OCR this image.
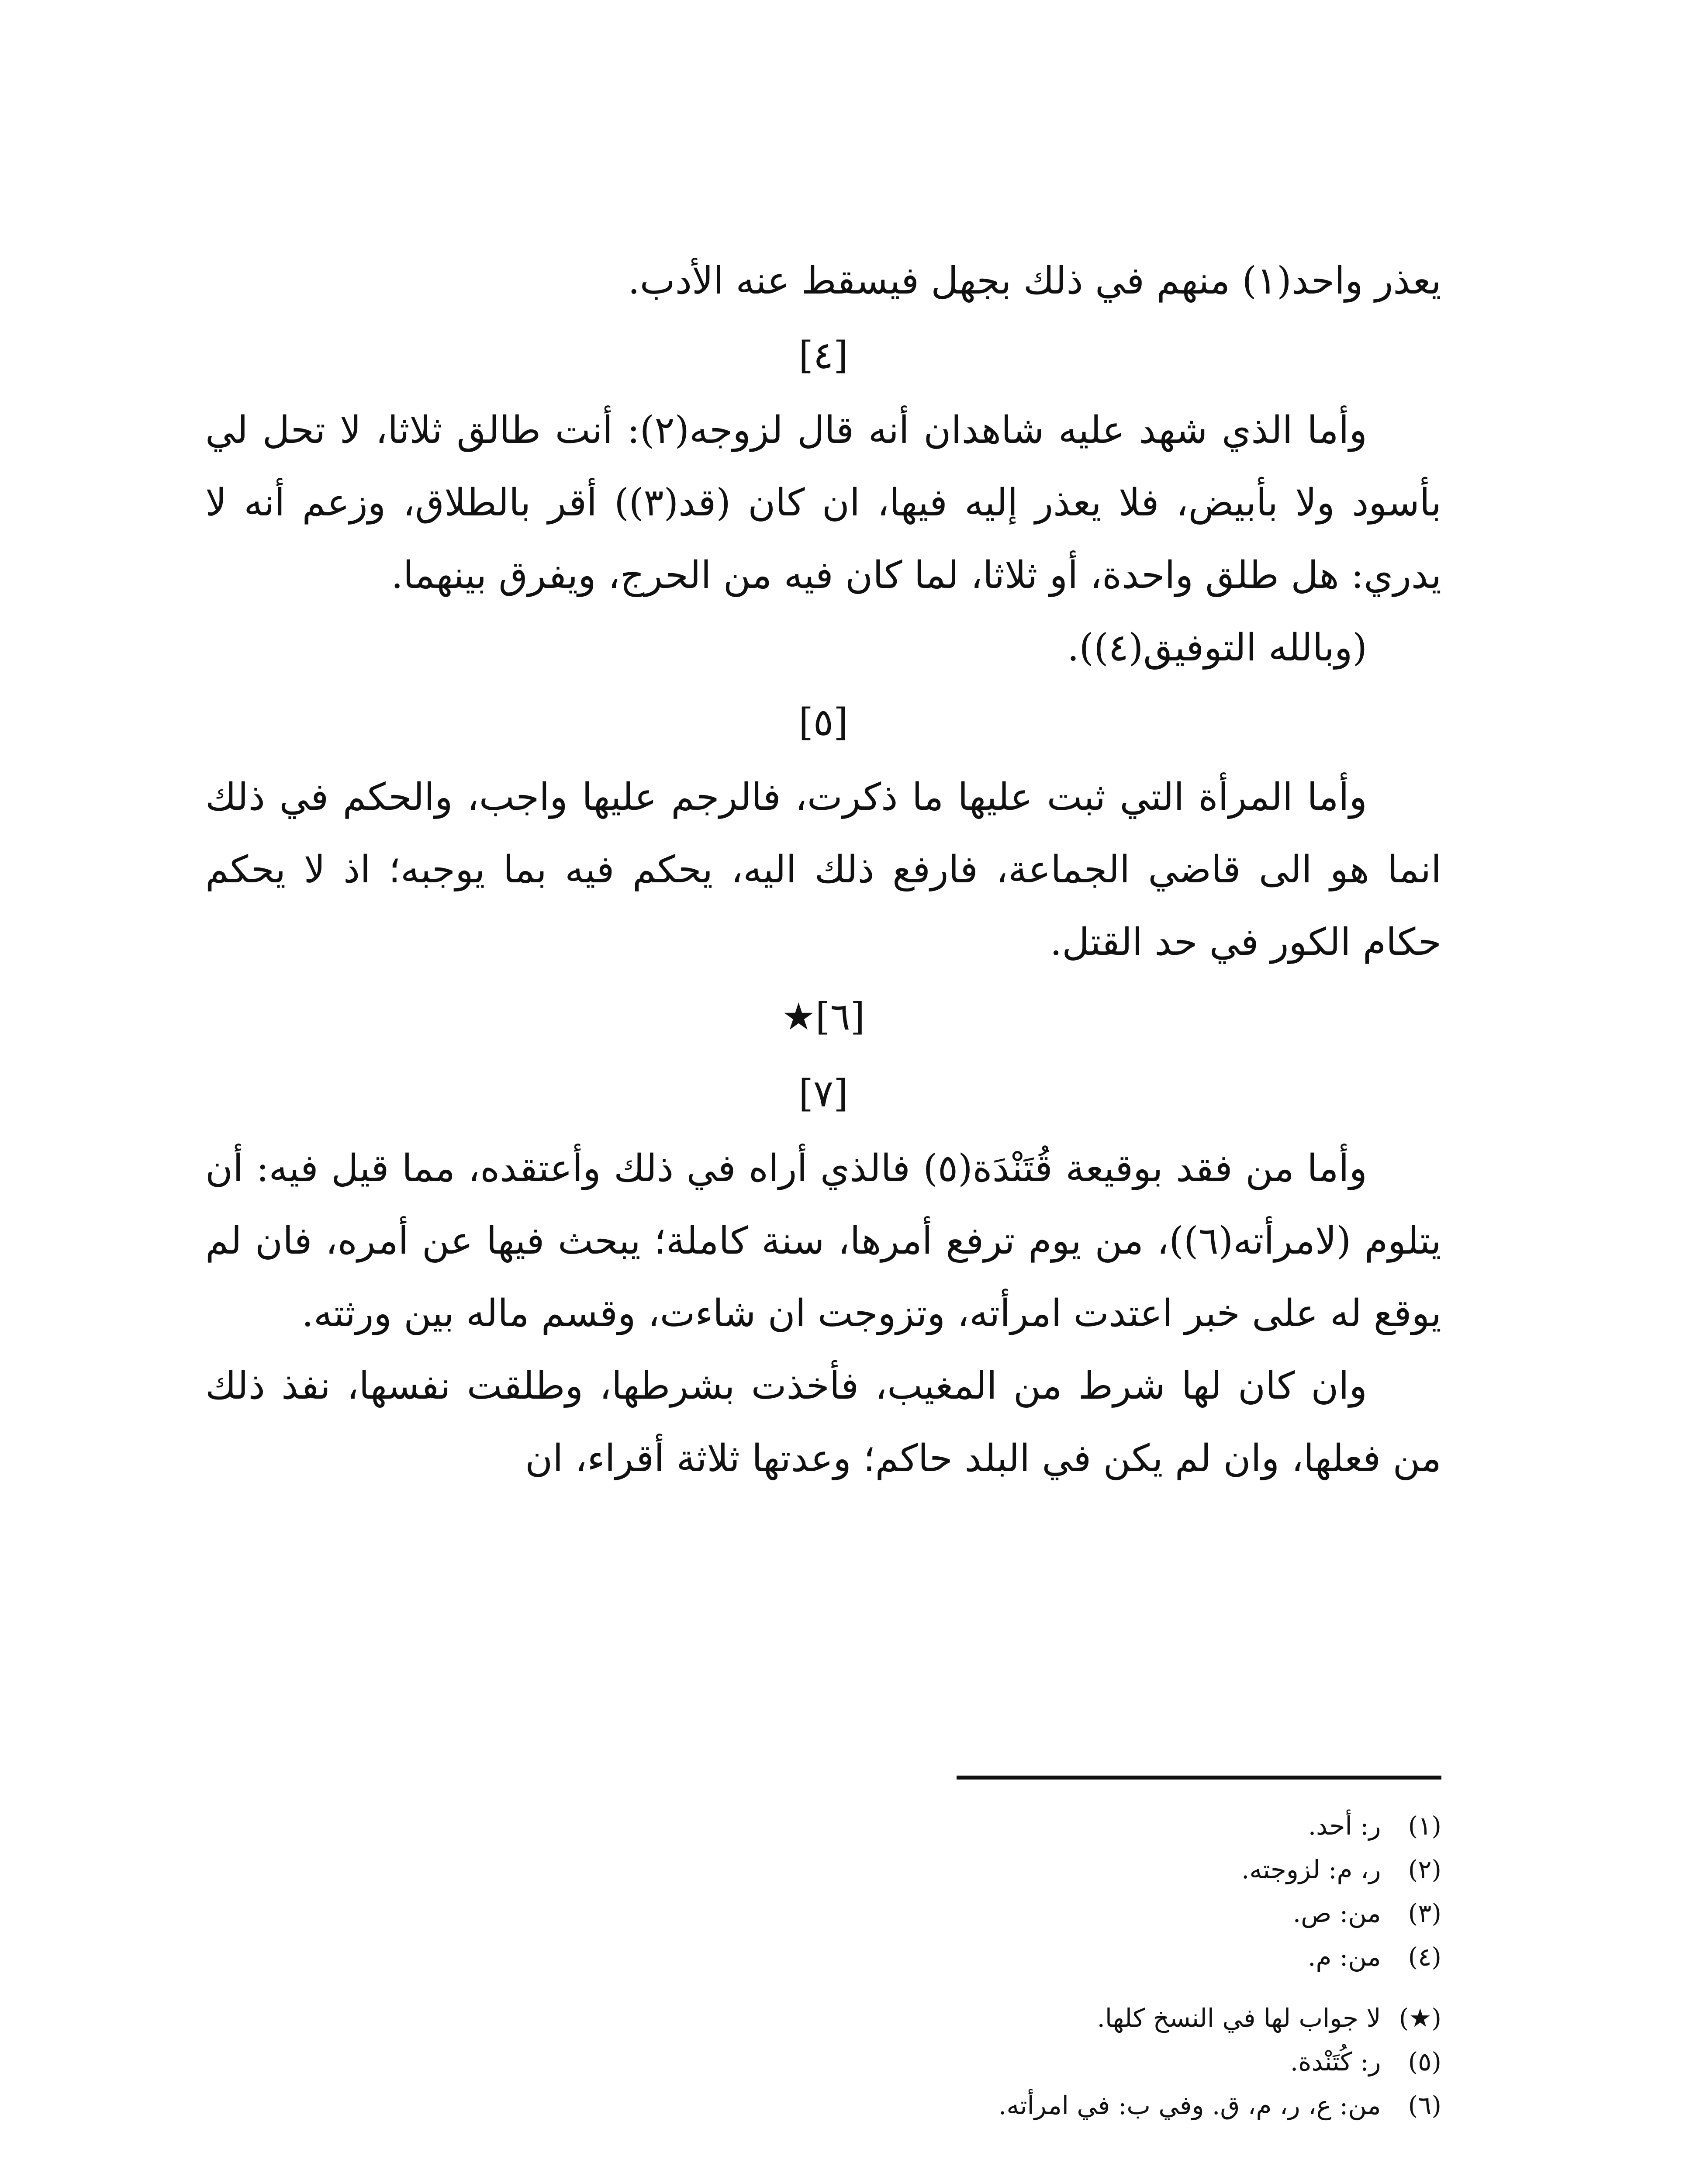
يعذر واحد(١) منهم في ذلك بجهل فيسقط عنه الأدب.

[٤]

وأما الذي شهد عليه شاهدان أنه قال لزوجه(٢): أنت طالق ثلاثا، لا تحل لي بأسود ولا بأبيض، فلا يعذر إليه فيها، ان كان (قد(٣)) أقر بالطلاق، وزعم أنه لا يدري: هل طلق واحدة، أو ثلاثا، لما كان فيه من الحرج، ويفرق بينهما.

(وبالله التوفيق(٤)).

[٥]

وأما المرأة التي ثبت عليها ما ذكرت، فالرجم عليها واجب، والحكم في ذلك انما هو الى قاضي الجماعة، فارفع ذلك اليه، يحكم فيه بما يوجبه؛ اذ لا يحكم حكام الكور في حد القتل.

[٦]★

[٧]

وأما من فقد بوقيعة قُتَنْدَة(٥) فالذي أراه في ذلك وأعتقده، مما قيل فيه: أن يتلوم (لامرأته(٦))، من يوم ترفع أمرها، سنة كاملة؛ يبحث فيها عن أمره، فان لم يوقع له على خبر اعتدت امرأته، وتزوجت ان شاءت، وقسم ماله بين ورثته.

وان كان لها شرط من المغيب، فأخذت بشرطها، وطلقت نفسها، نفذ ذلك من فعلها، وان لم يكن في البلد حاكم؛ وعدتها ثلاثة أقراء، ان

(١) ر: أحد.

(٢) ر، م: لزوجته.

(٣) من: ص.

(٤) من: م.

(★) لا جواب لها في النسخ كلها.

(٥) ر: كُتَنْدة.

(٦) من: ع، ر، م، ق. وفي ب: في امرأته.
